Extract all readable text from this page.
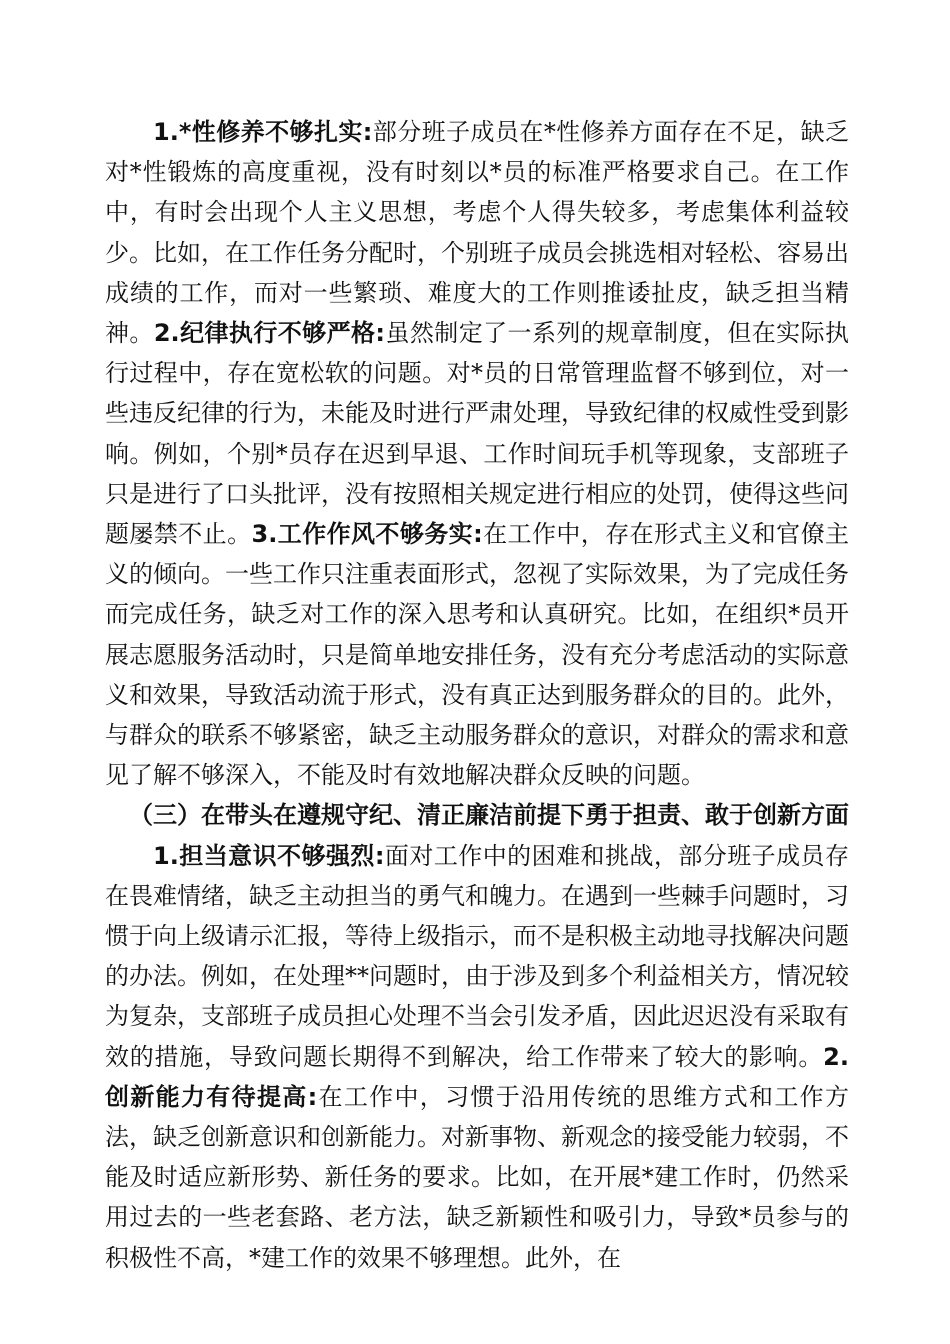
1.*性修养不够扎实:部分班子成员在*性修养方面存在不足，缺乏对*性锻炼的高度重视，没有时刻以*员的标准严格要求自己。在工作中，有时会出现个人主义思想，考虑个人得失较多，考虑集体利益较少。比如，在工作任务分配时，个别班子成员会挑选相对轻松、容易出成绩的工作，而对一些繁琐、难度大的工作则推诿扯皮，缺乏担当精神。2.纪律执行不够严格:虽然制定了一系列的规章制度，但在实际执行过程中，存在宽松软的问题。对*员的日常管理监督不够到位，对一些违反纪律的行为，未能及时进行严肃处理，导致纪律的权威性受到影响。例如，个别*员存在迟到早退、工作时间玩手机等现象，支部班子只是进行了口头批评，没有按照相关规定进行相应的处罚，使得这些问题屡禁不止。3.工作作风不够务实:在工作中，存在形式主义和官僚主义的倾向。一些工作只注重表面形式，忽视了实际效果，为了完成任务而完成任务，缺乏对工作的深入思考和认真研究。比如，在组织*员开展志愿服务活动时，只是简单地安排任务，没有充分考虑活动的实际意义和效果，导致活动流于形式，没有真正达到服务群众的目的。此外，与群众的联系不够紧密，缺乏主动服务群众的意识，对群众的需求和意见了解不够深入，不能及时有效地解决群众反映的问题。

（三）在带头在遵规守纪、清正廉洁前提下勇于担责、敢于创新方面

1.担当意识不够强烈:面对工作中的困难和挑战，部分班子成员存在畏难情绪，缺乏主动担当的勇气和魄力。在遇到一些棘手问题时，习惯于向上级请示汇报，等待上级指示，而不是积极主动地寻找解决问题的办法。例如，在处理**问题时，由于涉及到多个利益相关方，情况较为复杂，支部班子成员担心处理不当会引发矛盾，因此迟迟没有采取有效的措施，导致问题长期得不到解决，给工作带来了较大的影响。2.创新能力有待提高:在工作中，习惯于沿用传统的思维方式和工作方法，缺乏创新意识和创新能力。对新事物、新观念的接受能力较弱，不能及时适应新形势、新任务的要求。比如，在开展*建工作时，仍然采用过去的一些老套路、老方法，缺乏新颖性和吸引力，导致*员参与的积极性不高，*建工作的效果不够理想。此外，在
